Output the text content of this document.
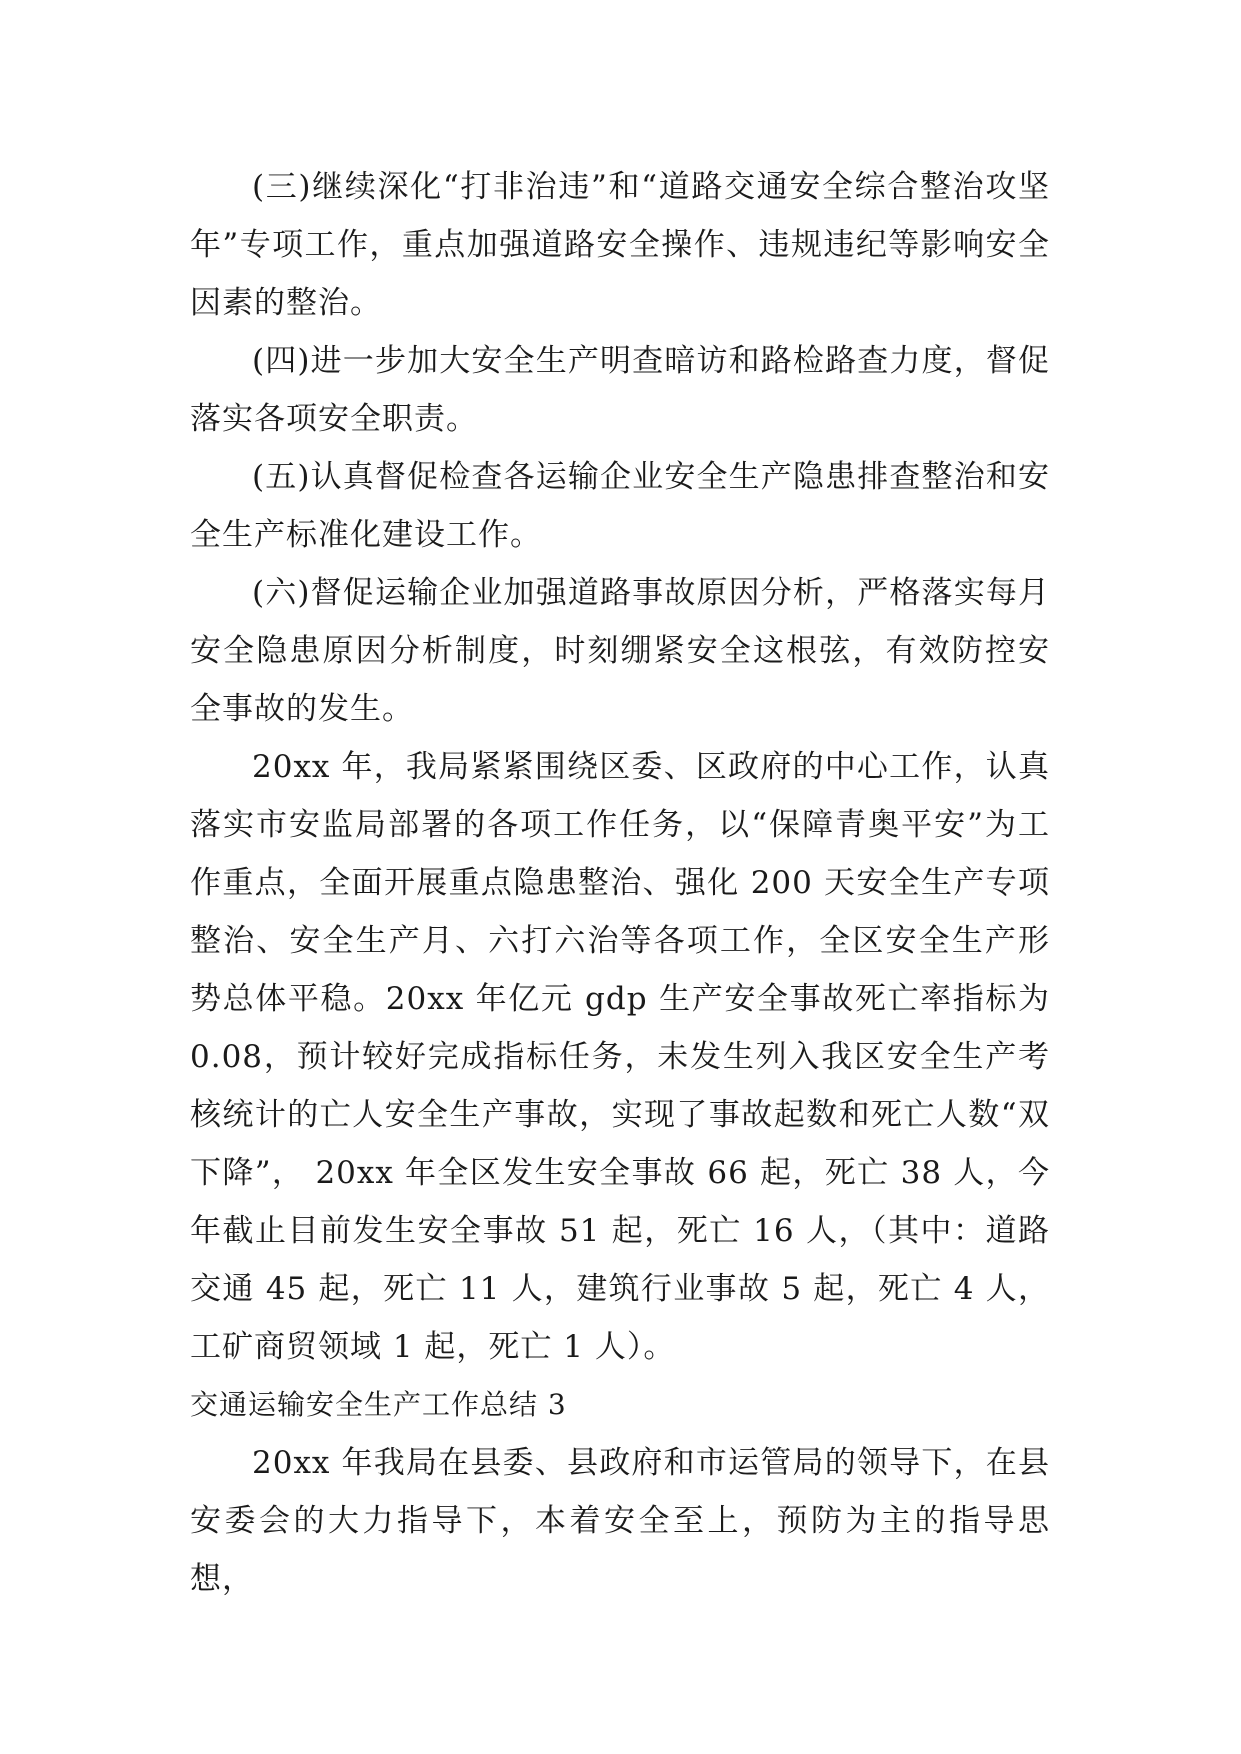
(三)继续深化“打非治违”和“道路交通安全综合整治攻坚年”专项工作，重点加强道路安全操作、违规违纪等影响安全因素的整治。

(四)进一步加大安全生产明查暗访和路检路查力度，督促落实各项安全职责。

(五)认真督促检查各运输企业安全生产隐患排查整治和安全生产标准化建设工作。

(六)督促运输企业加强道路事故原因分析，严格落实每月安全隐患原因分析制度，时刻绷紧安全这根弦，有效防控安全事故的发生。

20xx 年，我局紧紧围绕区委、区政府的中心工作，认真落实市安监局部署的各项工作任务，以“保障青奥平安”为工作重点，全面开展重点隐患整治、强化 200 天安全生产专项整治、安全生产月、六打六治等各项工作，全区安全生产形势总体平稳。20xx 年亿元 gdp 生产安全事故死亡率指标为0.08，预计较好完成指标任务，未发生列入我区安全生产考核统计的亡人安全生产事故，实现了事故起数和死亡人数“双下降”， 20xx 年全区发生安全事故 66 起，死亡 38 人，今年截止目前发生安全事故 51 起，死亡 16 人，（其中：道路交通 45 起，死亡 11 人，建筑行业事故 5 起，死亡 4 人，工矿商贸领域 1 起，死亡 1 人）。

交通运输安全生产工作总结 3

20xx 年我局在县委、县政府和市运管局的领导下，在县安委会的大力指导下，本着安全至上，预防为主的指导思想，
